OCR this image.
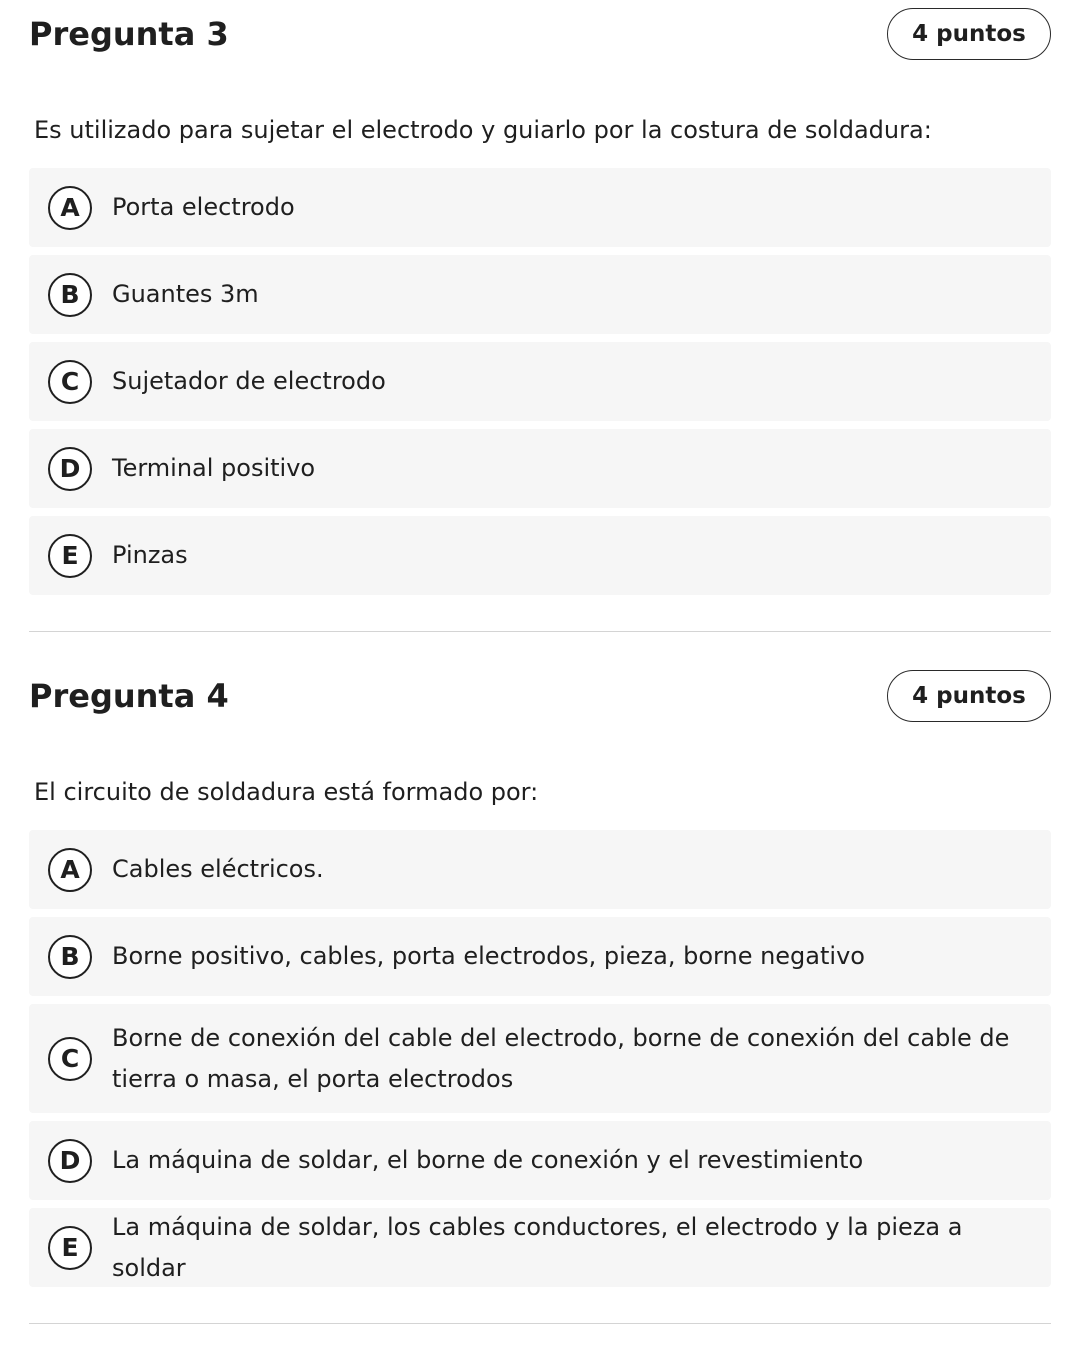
Pregunta 3	4 puntos

Es utilizado para sujetar el electrodo y guiarlo por la costura de soldadura:

A	Porta electrodo
B	Guantes 3m
C	Sujetador de electrodo
D	Terminal positivo
E	Pinzas
Pregunta 4	4 puntos

El circuito de soldadura está formado por:

A	Cables eléctricos.
B	Borne positivo, cables, porta electrodos, pieza, borne negativo
C
Borne de conexión del cable del electrodo, borne de conexión del cable de tierra o masa, el porta electrodos
D	La máquina de soldar, el borne de conexión y el revestimiento
E
La máquina de soldar, los cables conductores, el electrodo y la pieza a soldar
